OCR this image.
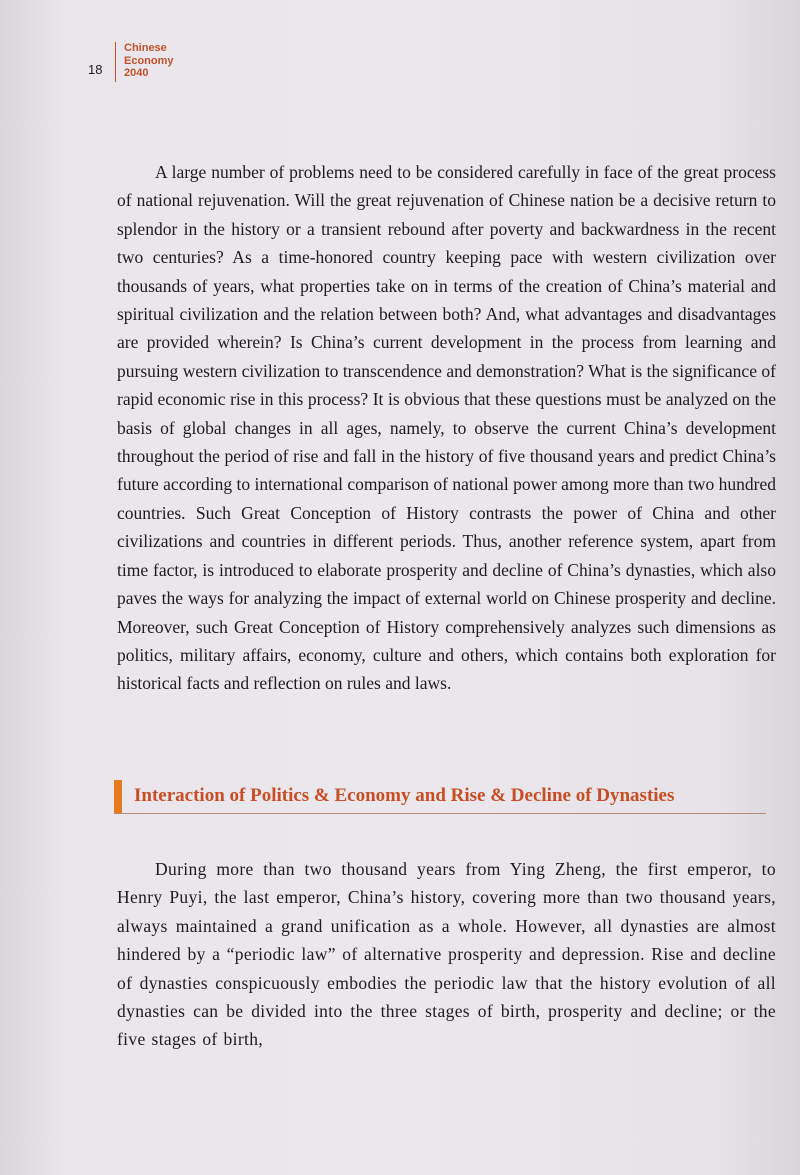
18
Chinese
Economy
2040

A large number of problems need to be considered carefully in face of the great process of national rejuvenation. Will the great rejuvenation of Chinese nation be a decisive return to splendor in the history or a transient rebound after poverty and backwardness in the recent two centuries? As a time-honored country keeping pace with western civilization over thousands of years, what properties take on in terms of the creation of China’s material and spiritual civilization and the relation between both? And, what advantages and disadvantages are provided wherein? Is China’s current development in the process from learning and pursuing western civilization to transcendence and demonstration? What is the significance of rapid economic rise in this process? It is obvious that these questions must be analyzed on the basis of global changes in all ages, namely, to observe the current China’s development throughout the period of rise and fall in the history of five thousand years and predict China’s future according to international comparison of national power among more than two hundred countries. Such Great Conception of History contrasts the power of China and other civilizations and countries in different periods. Thus, another reference system, apart from time factor, is introduced to elaborate prosperity and decline of China’s dynasties, which also paves the ways for analyzing the impact of external world on Chinese prosperity and decline. Moreover, such Great Conception of History comprehensively analyzes such dimensions as politics, military affairs, economy, culture and others, which contains both exploration for historical facts and reflection on rules and laws.

Interaction of Politics & Economy and Rise & Decline of Dynasties

During more than two thousand years from Ying Zheng, the first emperor, to Henry Puyi, the last emperor, China’s history, covering more than two thousand years, always maintained a grand unification as a whole. However, all dynasties are almost hindered by a “periodic law” of alternative prosperity and depression. Rise and decline of dynasties conspicuously embodies the periodic law that the history evolution of all dynasties can be divided into the three stages of birth, prosperity and decline; or the five stages of birth,
